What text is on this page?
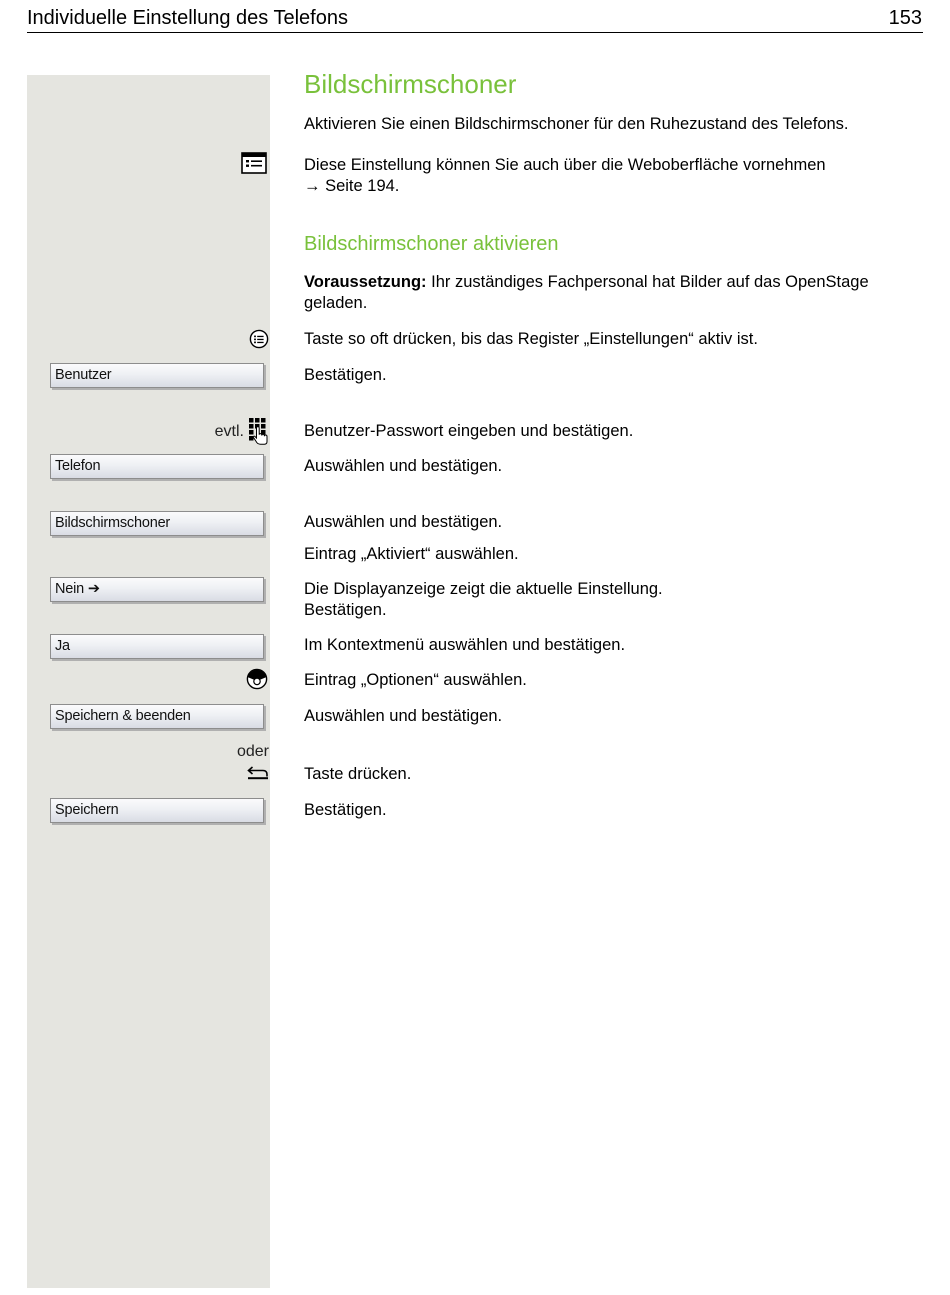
Individuelle Einstellung des Telefons	153
evtl.
oder
Benutzer
Telefon
Bildschirmschoner
Nein ➔
Ja
Speichern & beenden
Speichern
Bildschirmschoner
Aktivieren Sie einen Bildschirmschoner für den Ruhezustand des Telefons.
Diese Einstellung können Sie auch über die Weboberfläche vornehmen
→ Seite 194.
Bildschirmschoner aktivieren
Voraussetzung: Ihr zuständiges Fachpersonal hat Bilder auf das OpenStage geladen.
Taste so oft drücken, bis das Register „Einstellungen“ aktiv ist.
Bestätigen.
Benutzer-Passwort eingeben und bestätigen.
Auswählen und bestätigen.
Auswählen und bestätigen.
Eintrag „Aktiviert“ auswählen.
Die Displayanzeige zeigt die aktuelle Einstellung.
Bestätigen.
Im Kontextmenü auswählen und bestätigen.
Eintrag „Optionen“ auswählen.
Auswählen und bestätigen.
Taste drücken.
Bestätigen.
